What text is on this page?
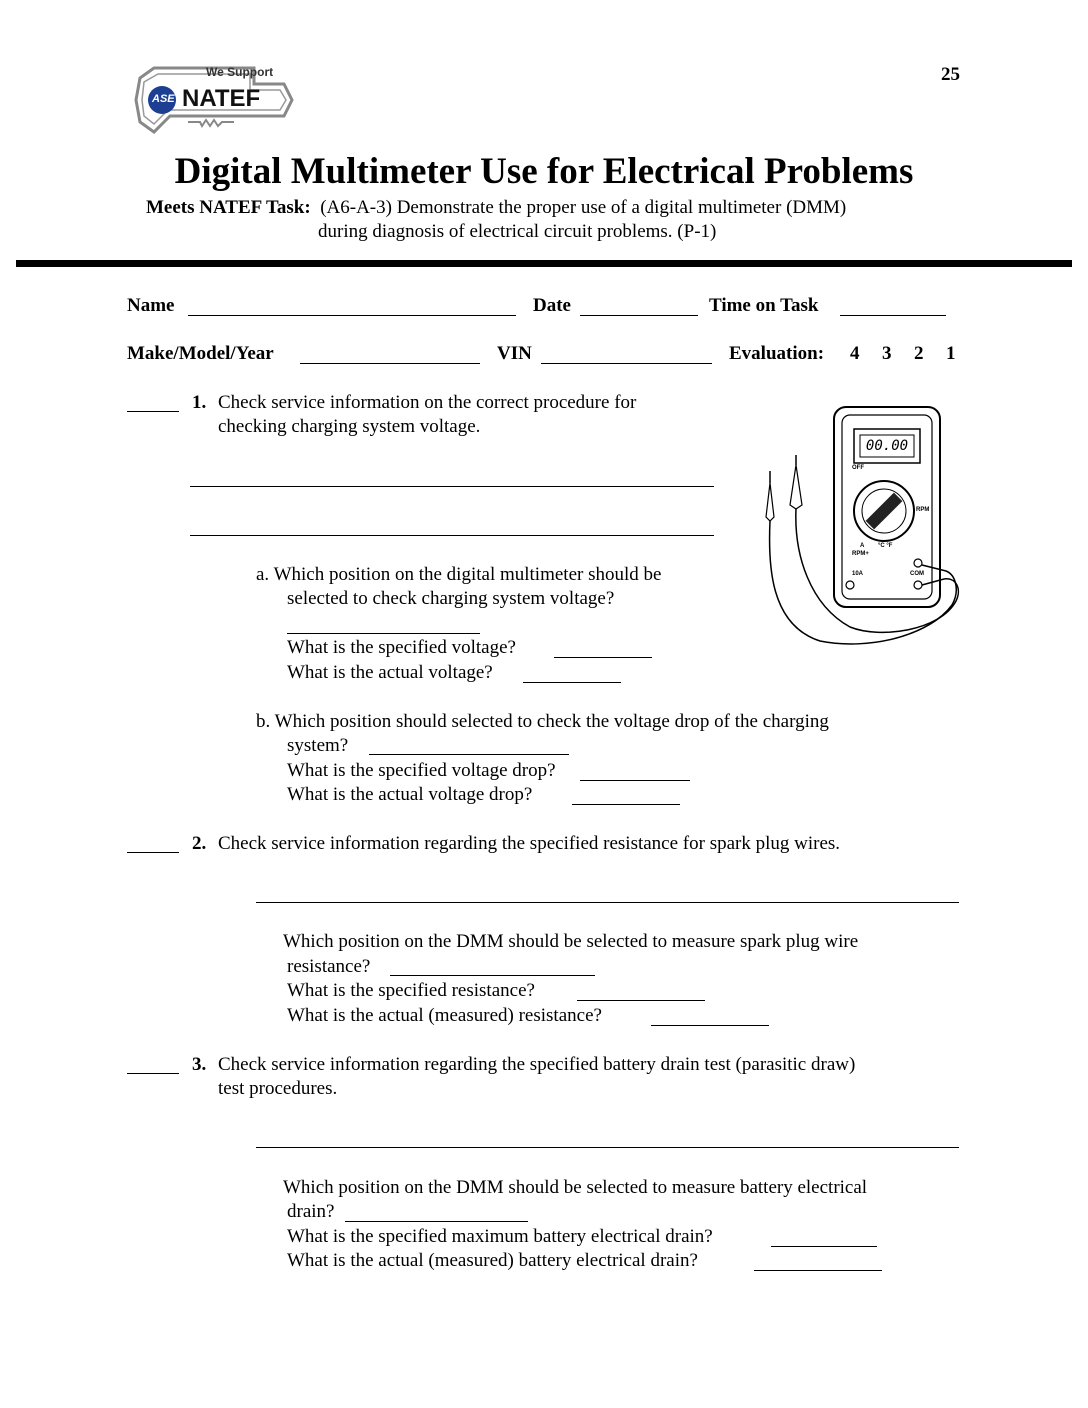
We Support
ASE NATEF
25
Digital Multimeter Use for Electrical Problems
Meets NATEF Task: (A6-A-3) Demonstrate the proper use of a digital multimeter (DMM)
during diagnosis of electrical circuit problems. (P-1)
Name	Date	Time on Task
Make/Model/Year	VIN	Evaluation: 4 3 2 1
1. Check service information on the correct procedure for
checking charging system voltage.
a. Which position on the digital multimeter should be
selected to check charging system voltage?
What is the specified voltage?
What is the actual voltage?
b. Which position should selected to check the voltage drop of the charging
system?
What is the specified voltage drop?
What is the actual voltage drop?
00.00
OFF
RPM
RPM+
10A	COM
°C °F
A
2. Check service information regarding the specified resistance for spark plug wires.
Which position on the DMM should be selected to measure spark plug wire
resistance?
What is the specified resistance?
What is the actual (measured) resistance?
3. Check service information regarding the specified battery drain test (parasitic draw)
test procedures.
Which position on the DMM should be selected to measure battery electrical
drain?
What is the specified maximum battery electrical drain?
What is the actual (measured) battery electrical drain?
